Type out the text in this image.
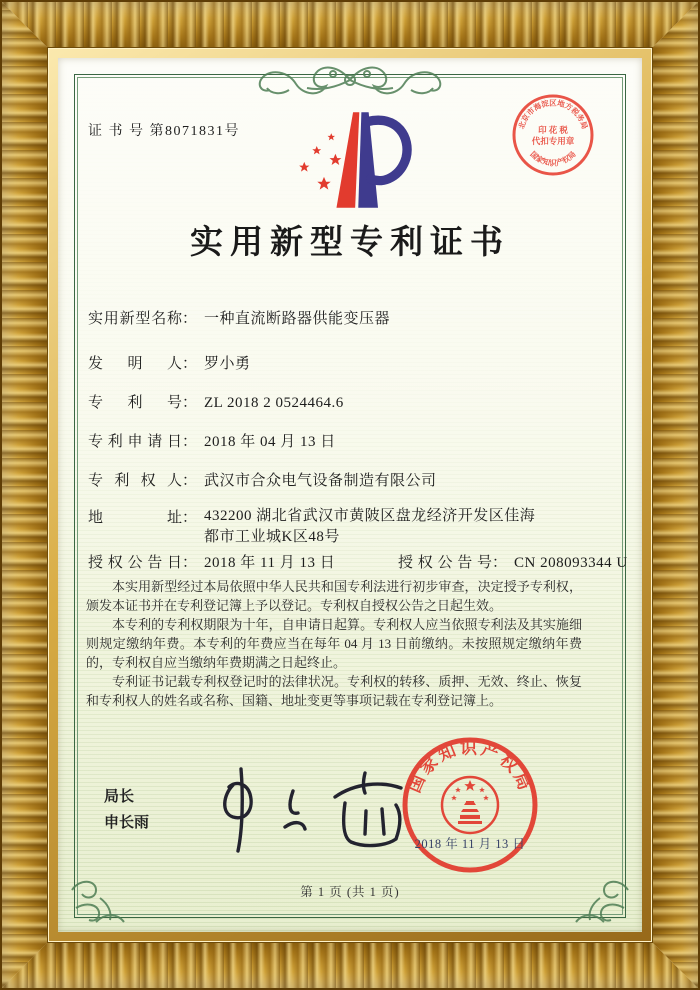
证 书 号 第8071831号	北京市海淀区地方税务局
国家知识产权局
印 花 税
代扣专用章
实用新型专利证书
实用新型名称： 一种直流断路器供能变压器
发明人： 罗小勇
专利号： ZL 2018 2 0524464.6
专利申请日： 2018 年 04 月 13 日
专利权人： 武汉市合众电气设备制造有限公司
地址： 432200 湖北省武汉市黄陂区盘龙经济开发区佳海都市工业城K区48号
授权公告日： 2018 年 11 月 13 日	授权公告号： CN 208093344 U

本实用新型经过本局依照中华人民共和国专利法进行初步审查，决定授予专利权，颁发本证书并在专利登记簿上予以登记。专利权自授权公告之日起生效。

本专利的专利权期限为十年，自申请日起算。专利权人应当依照专利法及其实施细则规定缴纳年费。本专利的年费应当在每年 04 月 13 日前缴纳。未按照规定缴纳年费的，专利权自应当缴纳年费期满之日起终止。

专利证书记载专利权登记时的法律状况。专利权的转移、质押、无效、终止、恢复和专利权人的姓名或名称、国籍、地址变更等事项记载在专利登记簿上。

局长
申长雨
国家知识产权局
2018 年 11 月 13 日
第 1 页 (共 1 页)
